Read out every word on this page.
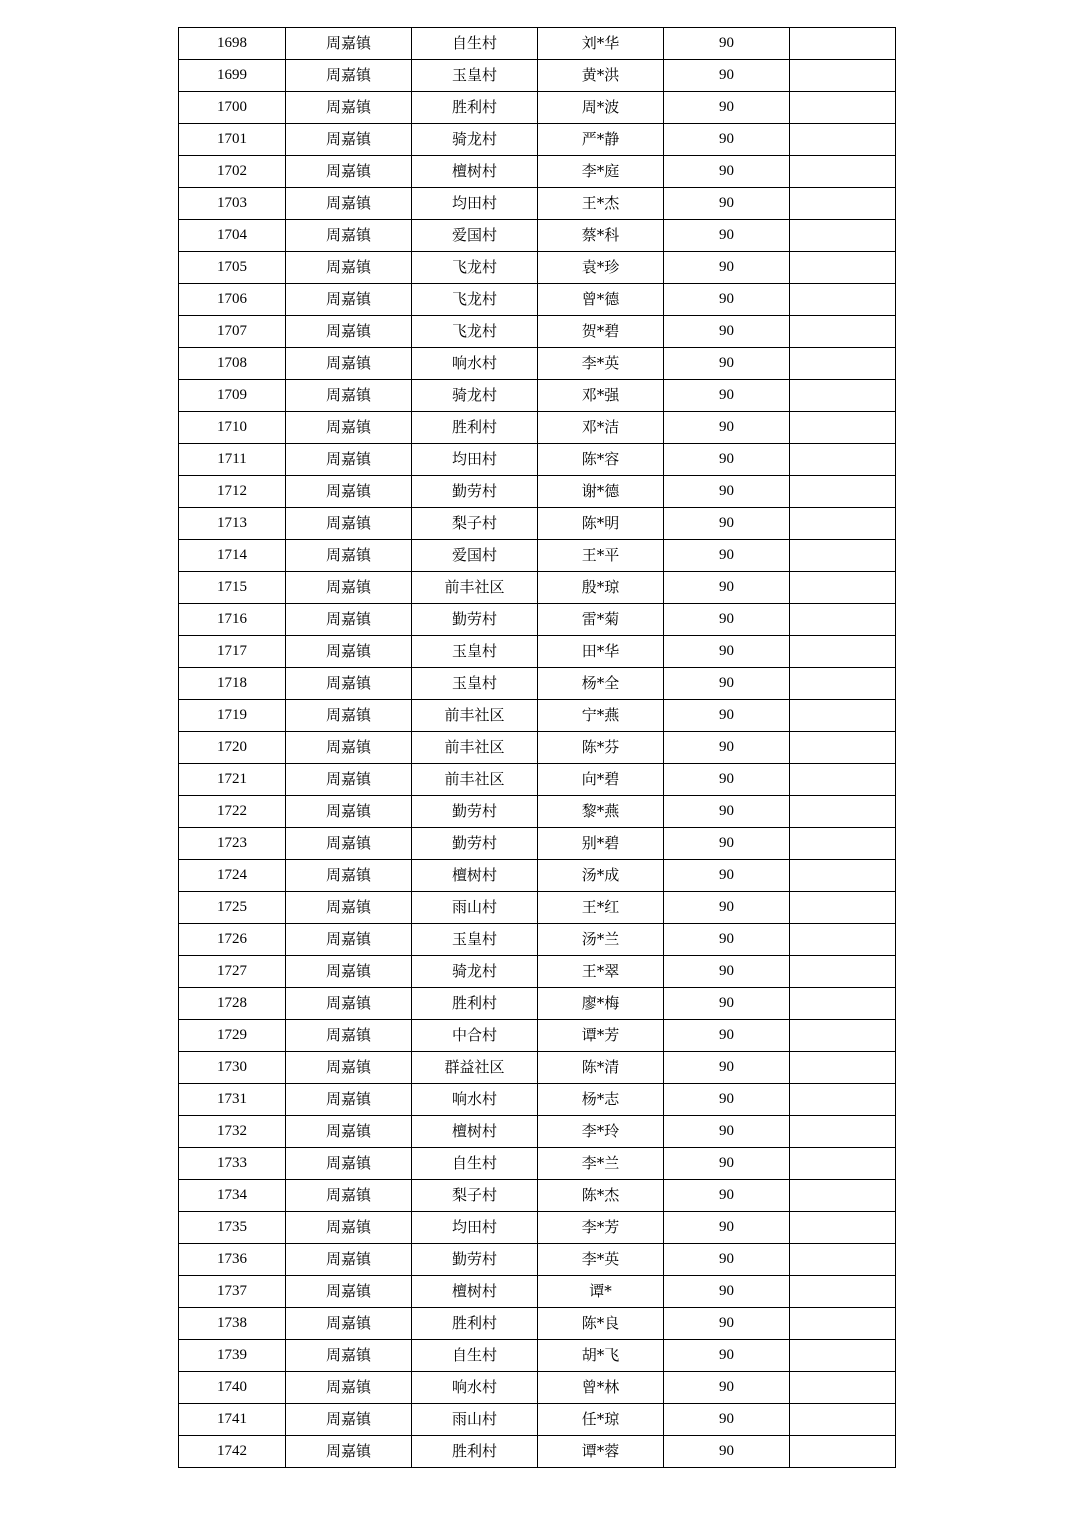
1698	周嘉镇	自生村	刘*华	90	
1699	周嘉镇	玉皇村	黄*洪	90	
1700	周嘉镇	胜利村	周*波	90	
1701	周嘉镇	骑龙村	严*静	90	
1702	周嘉镇	檀树村	李*庭	90	
1703	周嘉镇	均田村	王*杰	90	
1704	周嘉镇	爱国村	蔡*科	90	
1705	周嘉镇	飞龙村	袁*珍	90	
1706	周嘉镇	飞龙村	曾*德	90	
1707	周嘉镇	飞龙村	贺*碧	90	
1708	周嘉镇	响水村	李*英	90	
1709	周嘉镇	骑龙村	邓*强	90	
1710	周嘉镇	胜利村	邓*洁	90	
1711	周嘉镇	均田村	陈*容	90	
1712	周嘉镇	勤劳村	谢*德	90	
1713	周嘉镇	梨子村	陈*明	90	
1714	周嘉镇	爱国村	王*平	90	
1715	周嘉镇	前丰社区	殷*琼	90	
1716	周嘉镇	勤劳村	雷*菊	90	
1717	周嘉镇	玉皇村	田*华	90	
1718	周嘉镇	玉皇村	杨*全	90	
1719	周嘉镇	前丰社区	宁*燕	90	
1720	周嘉镇	前丰社区	陈*芬	90	
1721	周嘉镇	前丰社区	向*碧	90	
1722	周嘉镇	勤劳村	黎*燕	90	
1723	周嘉镇	勤劳村	别*碧	90	
1724	周嘉镇	檀树村	汤*成	90	
1725	周嘉镇	雨山村	王*红	90	
1726	周嘉镇	玉皇村	汤*兰	90	
1727	周嘉镇	骑龙村	王*翠	90	
1728	周嘉镇	胜利村	廖*梅	90	
1729	周嘉镇	中合村	谭*芳	90	
1730	周嘉镇	群益社区	陈*清	90	
1731	周嘉镇	响水村	杨*志	90	
1732	周嘉镇	檀树村	李*玲	90	
1733	周嘉镇	自生村	李*兰	90	
1734	周嘉镇	梨子村	陈*杰	90	
1735	周嘉镇	均田村	李*芳	90	
1736	周嘉镇	勤劳村	李*英	90	
1737	周嘉镇	檀树村	谭*	90	
1738	周嘉镇	胜利村	陈*良	90	
1739	周嘉镇	自生村	胡*飞	90	
1740	周嘉镇	响水村	曾*林	90	
1741	周嘉镇	雨山村	任*琼	90	
1742	周嘉镇	胜利村	谭*蓉	90	
